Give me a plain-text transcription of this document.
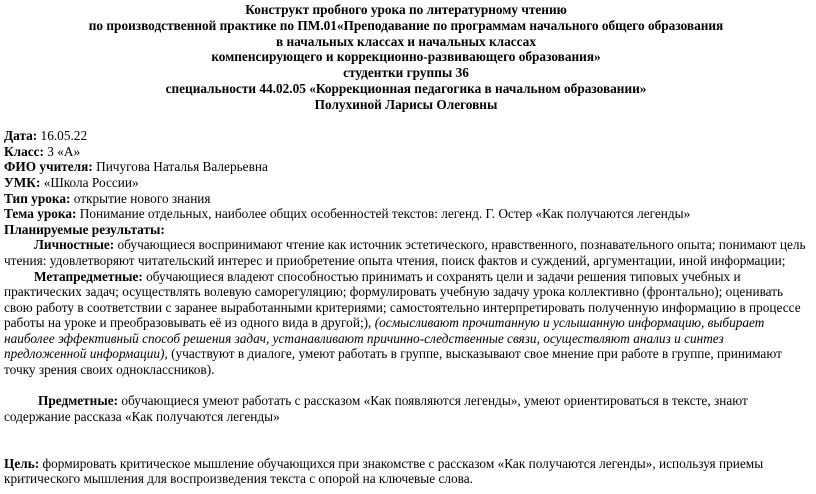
Конструкт пробного урока по литературному чтению
по производственной практике по ПМ.01«Преподавание по программам начального общего образования
в начальных классах и начальных классах
компенсирующего и коррекционно-развивающего образования»
студентки группы 36
специальности 44.02.05 «Коррекционная педагогика в начальном образовании»
Полухиной Ларисы Олеговны
Дата: 16.05.22
Класс: 3 «А»
ФИО учителя: Пичугова Наталья Валерьевна
УМК: «Школа России»
Тип урока: открытие нового знания
Тема урока: Понимание отдельных, наиболее общих особенностей текстов: легенд. Г. Остер «Как получаются легенды»
Планируемые результаты:
Личностные: обучающиеся воспринимают чтение как источник эстетического, нравственного, познавательного опыта; понимают цель
чтения: удовлетворяют читательский интерес и приобретение опыта чтения, поиск фактов и суждений, аргументации, иной информации;
Метапредметные: обучающиеся владеют способностью принимать и сохранять цели и задачи решения типовых учебных и
практических задач; осуществлять волевую саморегуляцию; формулировать учебную задачу урока коллективно (фронтально); оценивать
свою работу в соответствии с заранее выработанными критериями; самостоятельно интерпретировать полученную информацию в процессе
работы на уроке и преобразовывать её из одного вида в другой;), (осмысливают прочитанную и услышанную информацию, выбирает
наиболее эффективный способ решения задач, устанавливают причинно-следственные связи, осуществляют анализ и синтез
предложенной информации), (участвуют в диалоге, умеют работать в группе, высказывают свое мнение при работе в группе, принимают
точку зрения своих одноклассников).
Предметные: обучающиеся умеют работать с рассказом «Как появляются легенды», умеют ориентироваться в тексте, знают
содержание рассказа «Как получаются легенды»
Цель: формировать критическое мышление обучающихся при знакомстве с рассказом «Как получаются легенды», используя приемы
критического мышления для воспроизведения текста с опорой на ключевые слова.
